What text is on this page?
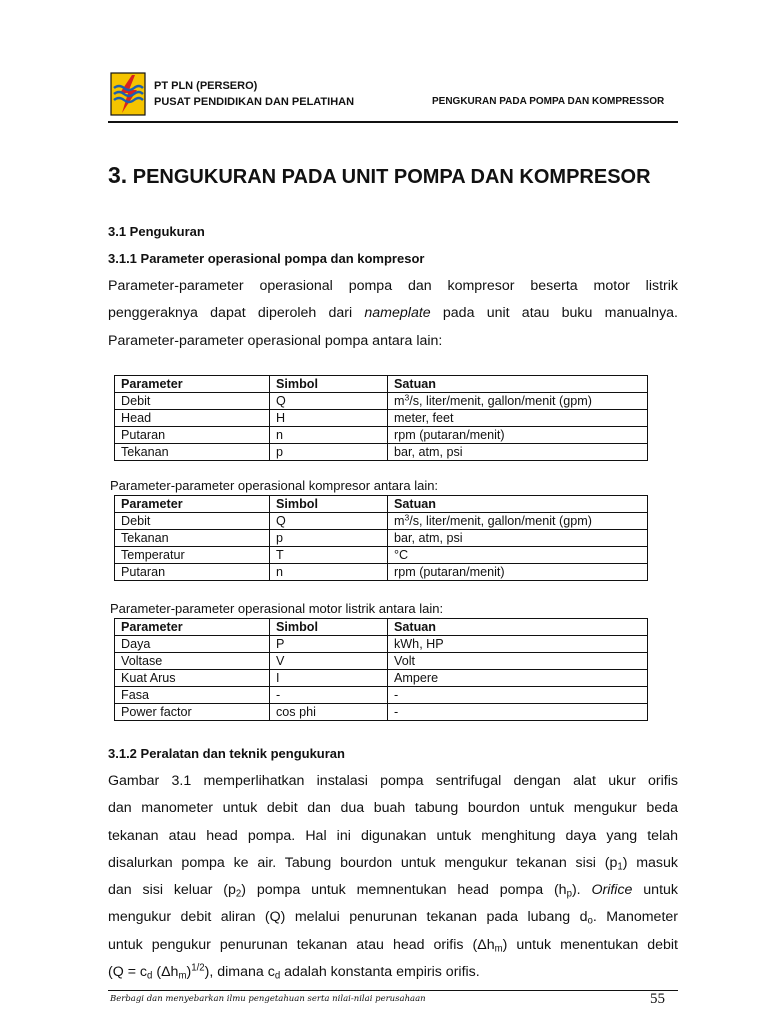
PT PLN (PERSERO)
PUSAT PENDIDIKAN DAN PELATIHAN	PENGKURAN PADA POMPA DAN KOMPRESSOR
3. PENGUKURAN PADA UNIT POMPA DAN KOMPRESOR
3.1 Pengukuran
3.1.1 Parameter operasional pompa dan kompresor
Parameter-parameter operasional pompa dan kompresor beserta motor listrik
penggeraknya dapat diperoleh dari nameplate pada unit atau buku manualnya.
Parameter-parameter operasional pompa antara lain:
Parameter	Simbol	Satuan
Debit	Q	$m^3/s$, liter/menit, gallon/menit (gpm)
Head	H	meter, feet
Putaran	n	rpm (putaran/menit)
Tekanan	p	bar, atm, psi
Parameter-parameter operasional kompresor antara lain:
Parameter	Simbol	Satuan
Debit	Q	$m^3/s$, liter/menit, gallon/menit (gpm)
Tekanan	p	bar, atm, psi
Temperatur	T	°C
Putaran	n	rpm (putaran/menit)
Parameter-parameter operasional motor listrik antara lain:
Parameter	Simbol	Satuan
Daya	P	kWh, HP
Voltase	V	Volt
Kuat Arus	I	Ampere
Fasa	-	-
Power factor	cos phi	-
3.1.2 Peralatan dan teknik pengukuran
Gambar 3.1 memperlihatkan instalasi pompa sentrifugal dengan alat ukur orifis
dan manometer untuk debit dan dua buah tabung bourdon untuk mengukur beda
tekanan atau head pompa. Hal ini digunakan untuk menghitung daya yang telah
disalurkan pompa ke air. Tabung bourdon untuk mengukur tekanan sisi $(p_1)$ masuk
dan sisi keluar $(p_2)$ pompa untuk memnentukan head pompa $(h_p)$. Orifice untuk
mengukur debit aliran (Q) melalui penurunan tekanan pada lubang $d_o$. Manometer
untuk pengukur penurunan tekanan atau head orifis $(\Delta h_m)$ untuk menentukan debit
($Q = c_d$ $(\Delta h_m)^{1/2}$), dimana $c_d$ adalah konstanta empiris orifis.
Berbagi dan menyebarkan ilmu pengetahuan serta nilai-nilai perusahaan	55
